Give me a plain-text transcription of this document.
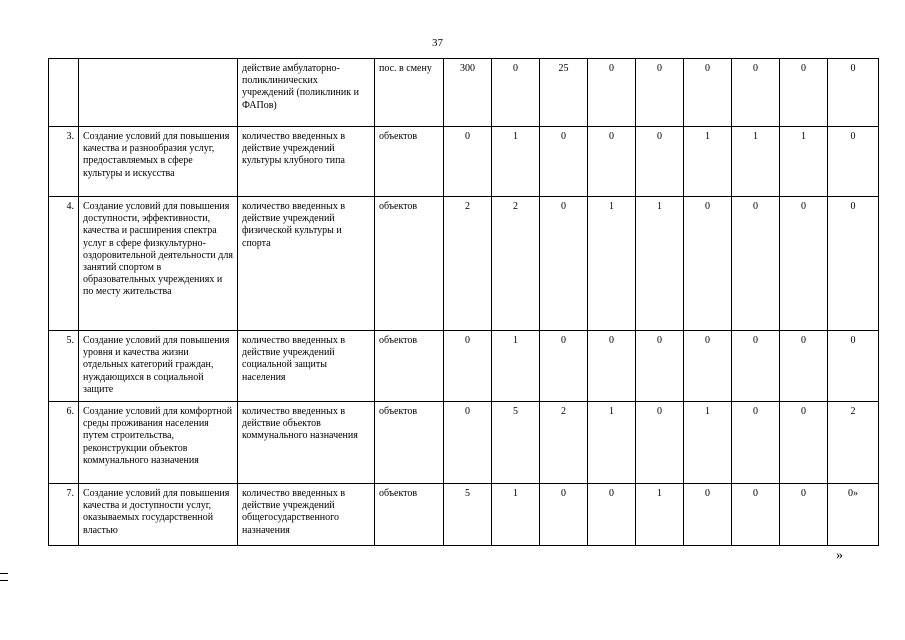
37
		действие амбулаторно-поликлинических учреждений (поликлиник и ФАПов)	пос. в смену	300	0	25	0	0	0	0	0	0
3.	Создание условий для повышения качества и разнообразия услуг, предоставляемых в сфере культуры и искусства	количество введенных в действие учреждений культуры клубного типа	объектов	0	1	0	0	0	1	1	1	0
4.	Создание условий для повышения доступности, эффективности, качества и расширения спектра услуг в сфере физкультурно-оздоровительной деятельности для занятий спортом в образовательных учреждениях и по месту жительства	количество введенных в действие учреждений физической культуры и спорта	объектов	2	2	0	1	1	0	0	0	0
5.	Создание условий для повышения уровня и качества жизни отдельных категорий граждан, нуждающихся в социальной защите	количество введенных в действие учреждений социальной защиты населения	объектов	0	1	0	0	0	0	0	0	0
6.	Создание условий для комфортной среды проживания населения путем строительства, реконструкции объектов коммунального назначения	количество введенных в действие объектов коммунального назначения	объектов	0	5	2	1	0	1	0	0	2
7.	Создание условий для повышения качества и доступности услуг, оказываемых государственной властью	количество введенных в действие учреждений общегосударственного назначения	объектов	5	1	0	0	1	0	0	0	0»
»
